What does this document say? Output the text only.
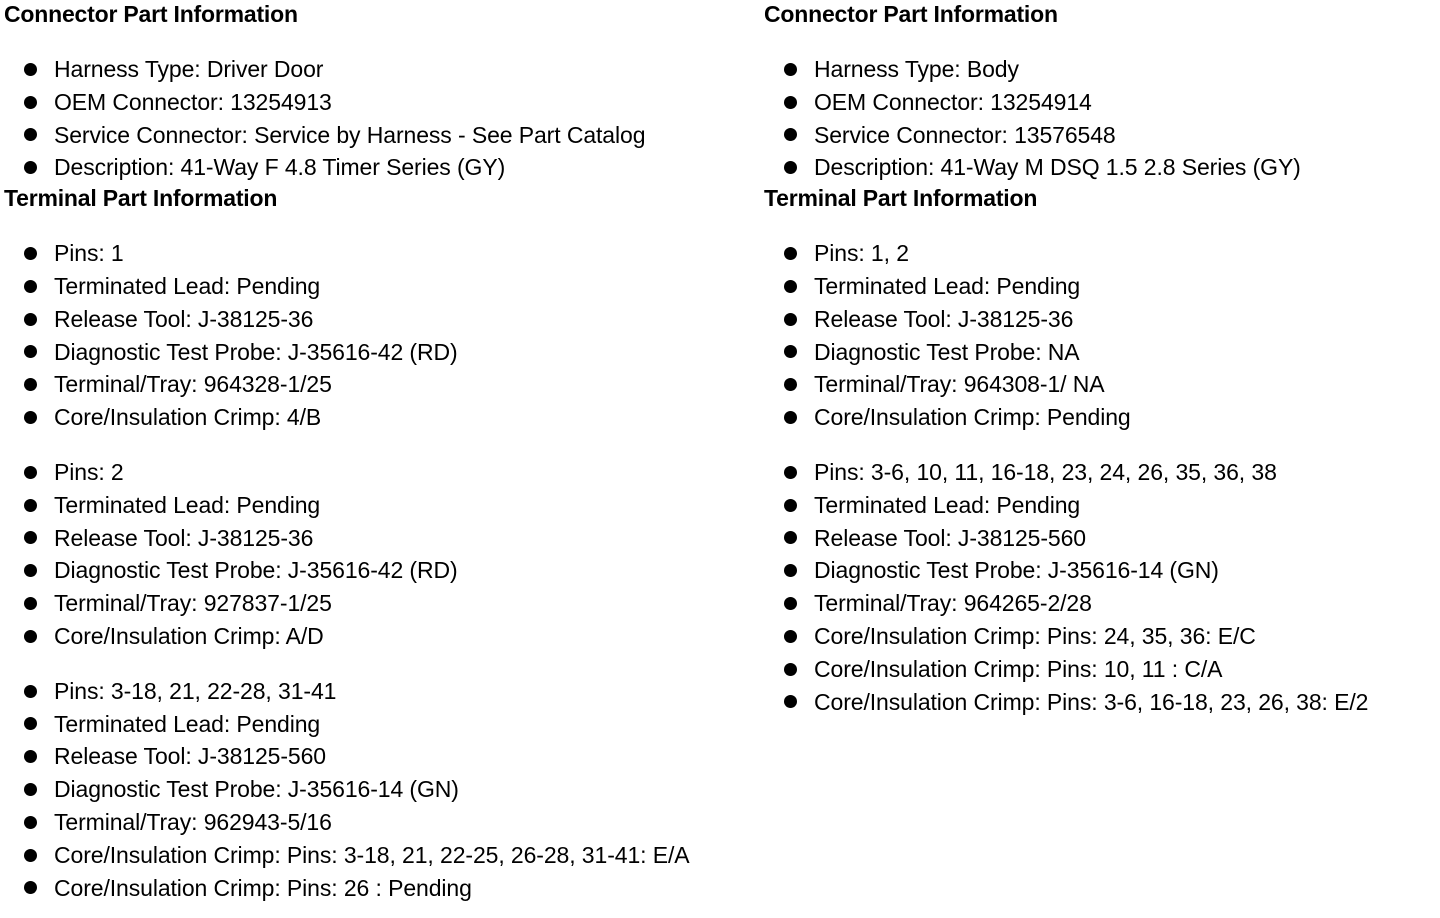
Connector Part Information
Harness Type: Driver Door
OEM Connector: 13254913
Service Connector: Service by Harness - See Part Catalog
Description: 41-Way F 4.8 Timer Series (GY)
Terminal Part Information
Pins: 1
Terminated Lead: Pending
Release Tool: J-38125-36
Diagnostic Test Probe: J-35616-42 (RD)
Terminal/Tray: 964328-1/25
Core/Insulation Crimp: 4/B
Pins: 2
Terminated Lead: Pending
Release Tool: J-38125-36
Diagnostic Test Probe: J-35616-42 (RD)
Terminal/Tray: 927837-1/25
Core/Insulation Crimp: A/D
Pins: 3-18, 21, 22-28, 31-41
Terminated Lead: Pending
Release Tool: J-38125-560
Diagnostic Test Probe: J-35616-14 (GN)
Terminal/Tray: 962943-5/16
Core/Insulation Crimp: Pins: 3-18, 21, 22-25, 26-28, 31-41: E/A
Core/Insulation Crimp: Pins: 26 : Pending
Connector Part Information
Harness Type: Body
OEM Connector: 13254914
Service Connector: 13576548
Description: 41-Way M DSQ 1.5 2.8 Series (GY)
Terminal Part Information
Pins: 1, 2
Terminated Lead: Pending
Release Tool: J-38125-36
Diagnostic Test Probe: NA
Terminal/Tray: 964308-1/ NA
Core/Insulation Crimp: Pending
Pins: 3-6, 10, 11, 16-18, 23, 24, 26, 35, 36, 38
Terminated Lead: Pending
Release Tool: J-38125-560
Diagnostic Test Probe: J-35616-14 (GN)
Terminal/Tray: 964265-2/28
Core/Insulation Crimp: Pins: 24, 35, 36: E/C
Core/Insulation Crimp: Pins: 10, 11 : C/A
Core/Insulation Crimp: Pins: 3-6, 16-18, 23, 26, 38: E/2
